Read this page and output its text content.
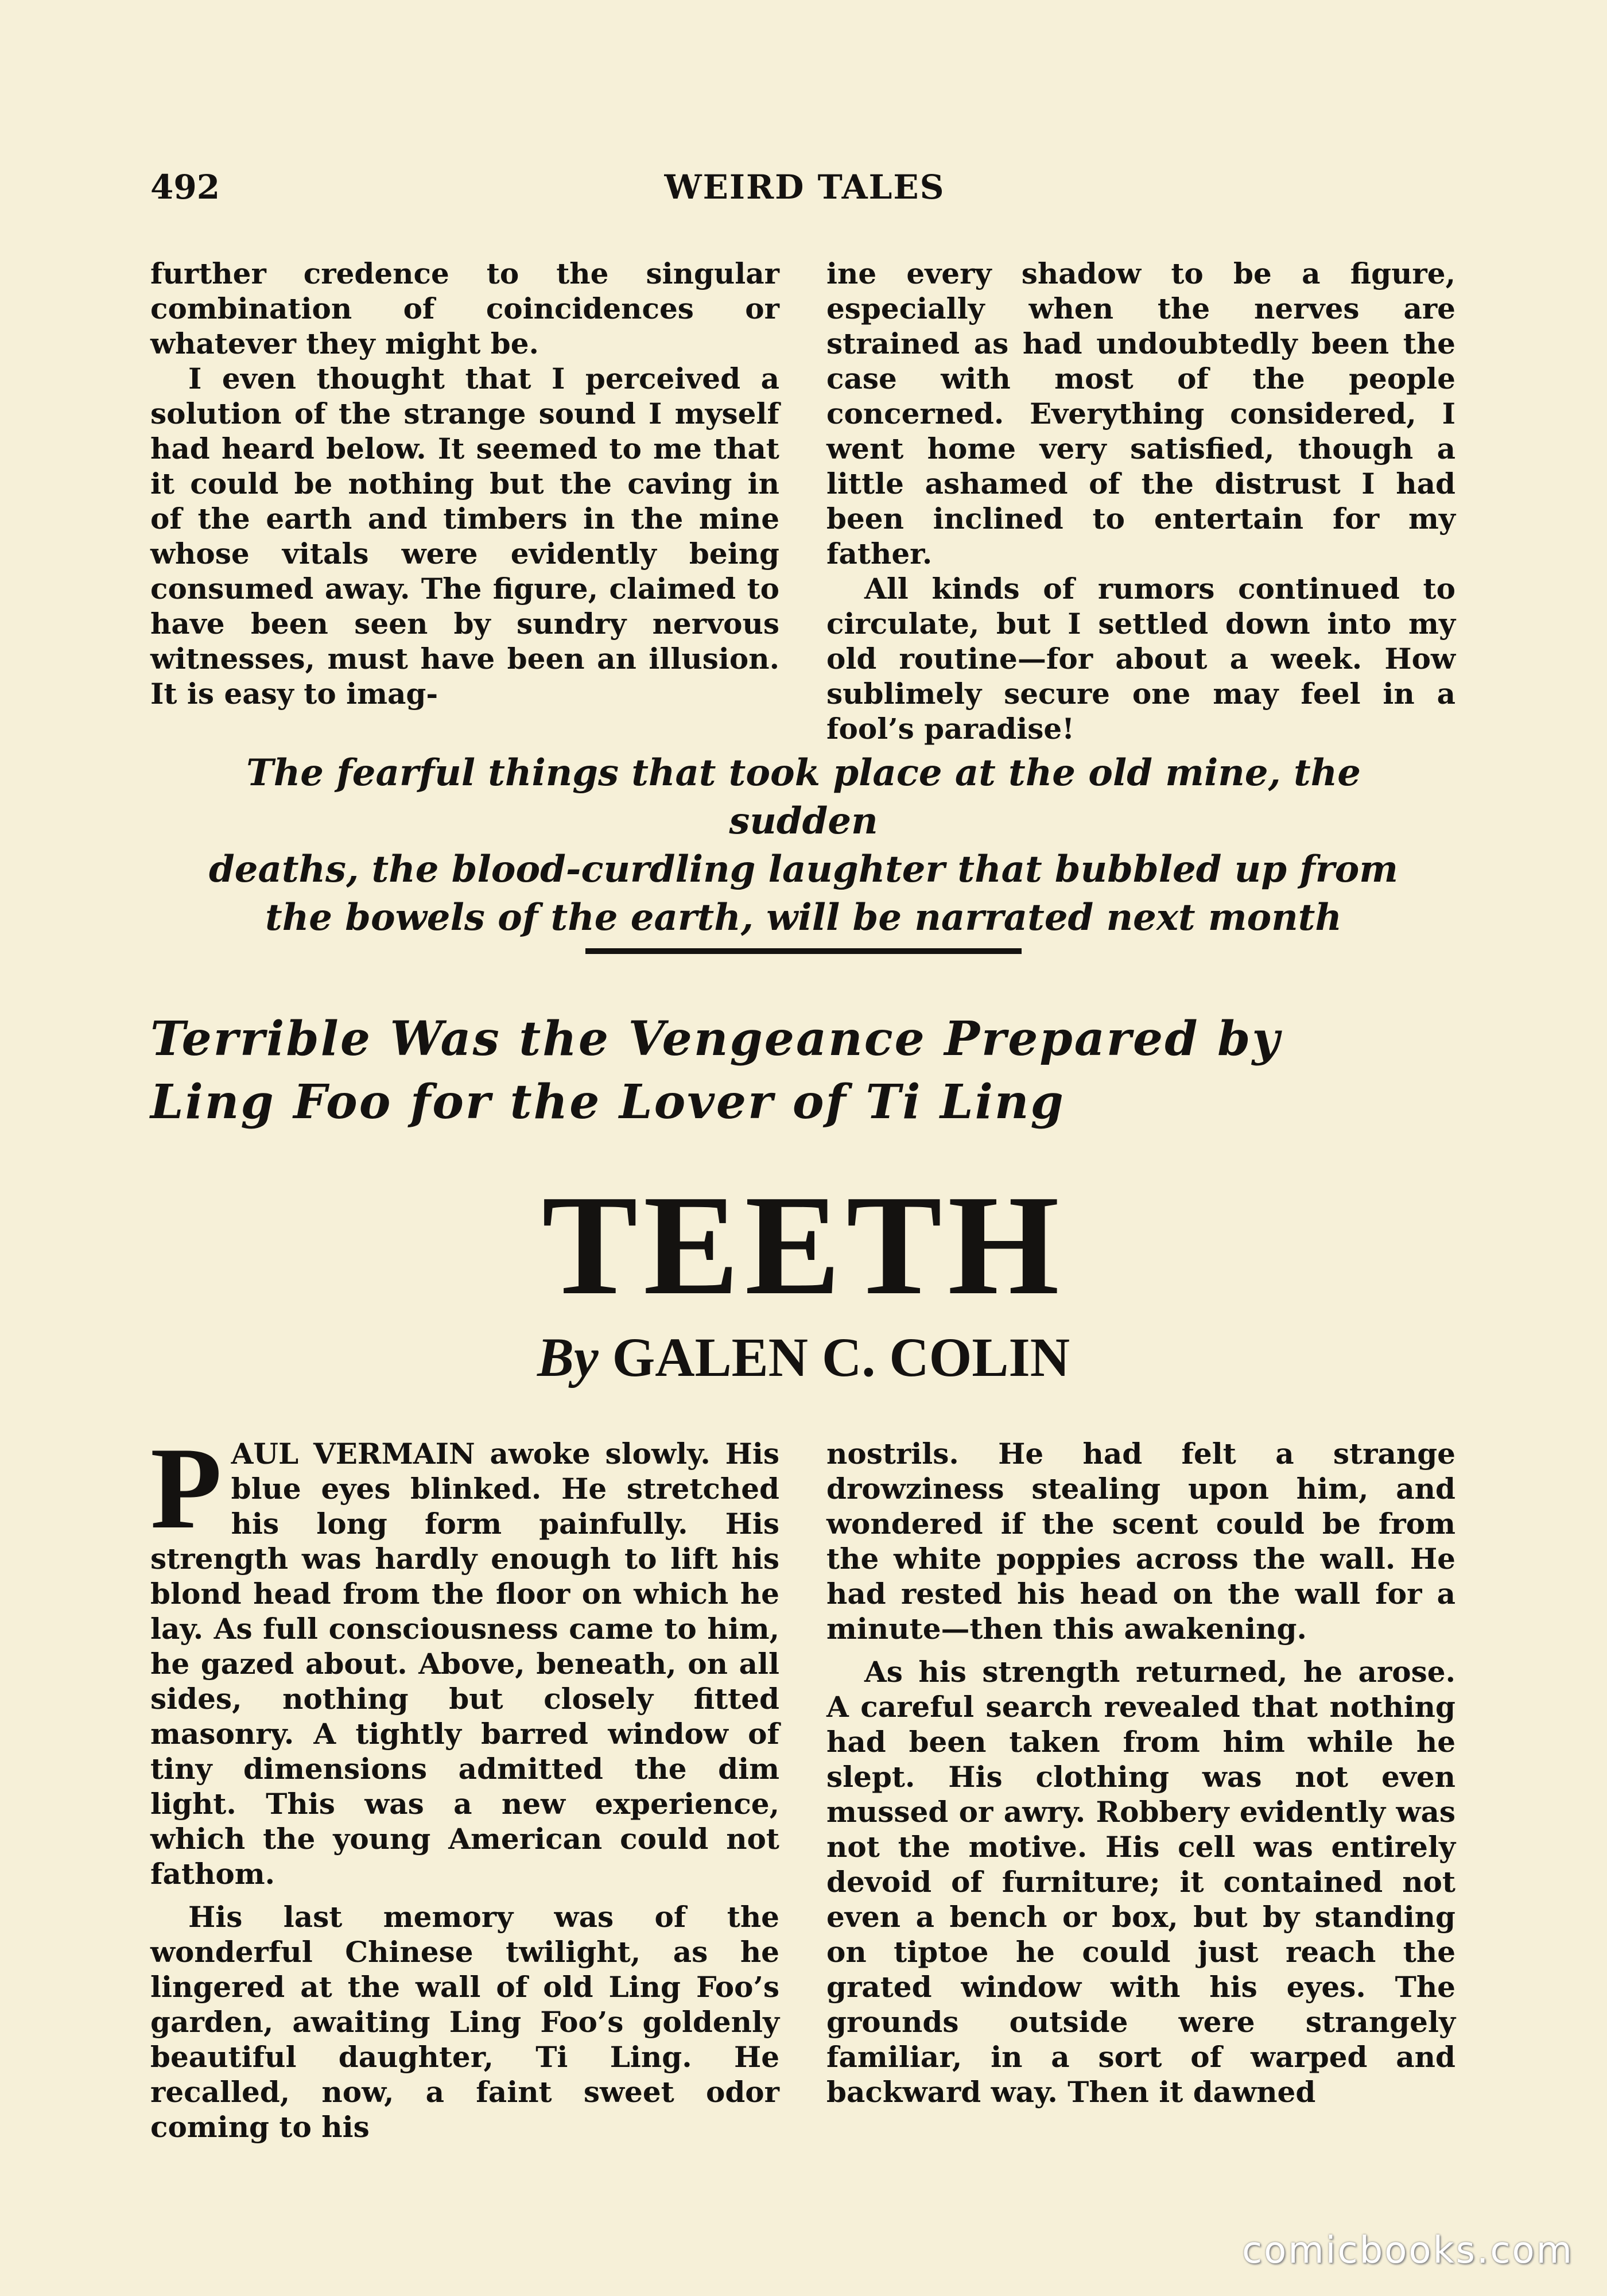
492	WEIRD TALES

further credence to the singular combination of coincidences or whatever they might be.

I even thought that I perceived a solution of the strange sound I myself had heard below. It seemed to me that it could be nothing but the caving in of the earth and timbers in the mine whose vitals were evidently being consumed away. The figure, claimed to have been seen by sundry nervous witnesses, must have been an illusion. It is easy to imag-

ine every shadow to be a figure, especially when the nerves are strained as had undoubtedly been the case with most of the people concerned. Everything considered, I went home very satisfied, though a little ashamed of the distrust I had been inclined to entertain for my father.

All kinds of rumors continued to circulate, but I settled down into my old routine—for about a week. How sublimely secure one may feel in a fool’s paradise!

The fearful things that took place at the old mine, the sudden

deaths, the blood-curdling laughter that bubbled up from

the bowels of the earth, will be narrated next month

Terrible Was the Vengeance Prepared by

Ling Foo for the Lover of Ti Ling

TEETH
By GALEN C. COLIN

PAUL VERMAIN awoke slowly. His blue eyes blinked. He stretched his long form painfully. His strength was hardly enough to lift his blond head from the floor on which he lay. As full consciousness came to him, he gazed about. Above, beneath, on all sides, nothing but closely fitted masonry. A tightly barred window of tiny dimensions admitted the dim light. This was a new experience, which the young American could not fathom.

His last memory was of the wonderful Chinese twilight, as he lingered at the wall of old Ling Foo’s garden, awaiting Ling Foo’s goldenly beautiful daughter, Ti Ling. He recalled, now, a faint sweet odor coming to his

nostrils. He had felt a strange drowziness stealing upon him, and wondered if the scent could be from the white poppies across the wall. He had rested his head on the wall for a minute—then this awakening.

As his strength returned, he arose. A careful search revealed that nothing had been taken from him while he slept. His clothing was not even mussed or awry. Robbery evidently was not the motive. His cell was entirely devoid of furniture; it contained not even a bench or box, but by standing on tiptoe he could just reach the grated window with his eyes. The grounds outside were strangely familiar, in a sort of warped and backward way. Then it dawned

comicbooks.com
